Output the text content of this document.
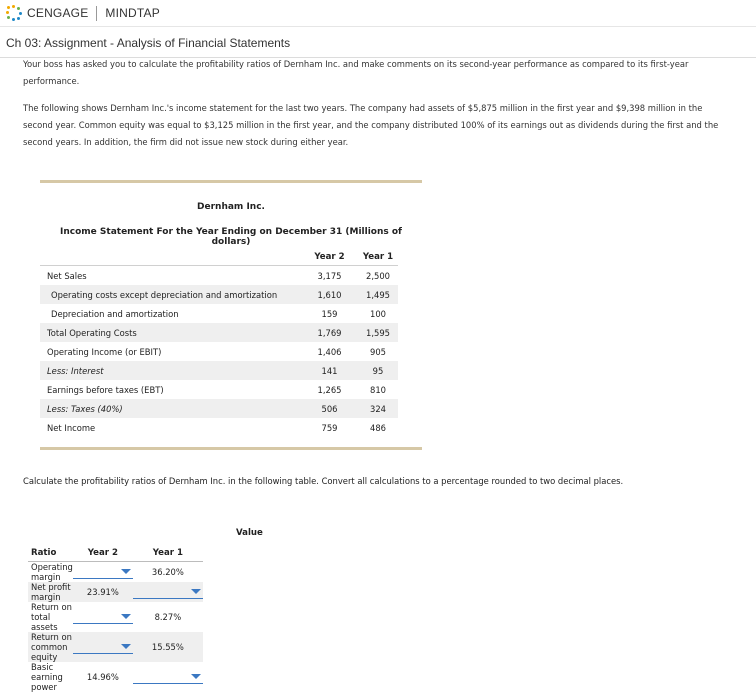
CENGAGE MINDTAP
Ch 03: Assignment - Analysis of Financial Statements

Your boss has asked you to calculate the profitability ratios of Dernham Inc. and make comments on its second-year performance as compared to its first-year performance.

The following shows Dernham Inc.'s income statement for the last two years. The company had assets of $5,875 million in the first year and $9,398 million in the second year. Common equity was equal to $3,125 million in the first year, and the company distributed 100% of its earnings out as dividends during the first and the second years. In addition, the firm did not issue new stock during either year.

Dernham Inc.
Income Statement For the Year Ending on December 31 (Millions of dollars)
	Year 2	Year 1
Net Sales	3,175	2,500
Operating costs except depreciation and amortization	1,610	1,495
Depreciation and amortization	159	100
Total Operating Costs	1,769	1,595
Operating Income (or EBIT)	1,406	905
Less: Interest	141	95
Earnings before taxes (EBT)	1,265	810
Less: Taxes (40%)	506	324
Net Income	759	486
Calculate the profitability ratios of Dernham Inc. in the following table. Convert all calculations to a percentage rounded to two decimal places.
Value
Ratio	Year 2	Year 1
Operating margin		36.20%
Net profit margin	23.91%	

Return on total assets		8.27%
Return on common equity		15.55%
Basic earning power	14.96%	
